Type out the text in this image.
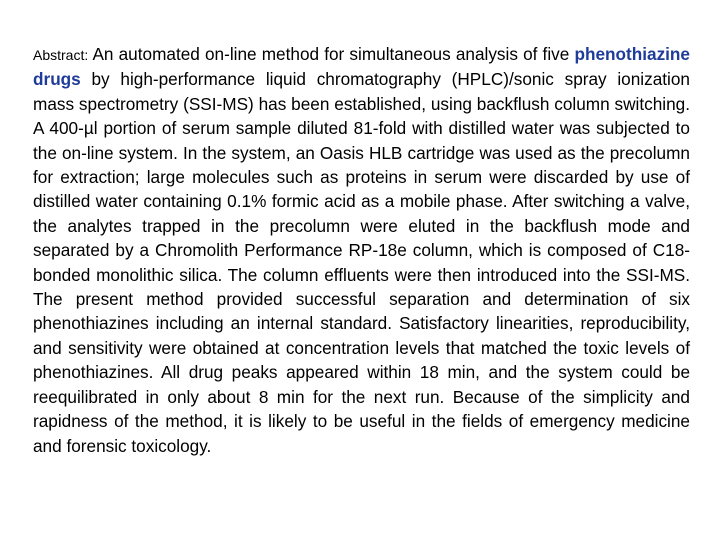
Abstract: An automated on-line method for simultaneous analysis of five phenothiazine drugs by high-performance liquid chromatography (HPLC)/sonic spray ionization mass spectrometry (SSI-MS) has been established, using backflush column switching. A 400-µl portion of serum sample diluted 81-fold with distilled water was subjected to the on-line system. In the system, an Oasis HLB cartridge was used as the precolumn for extraction; large molecules such as proteins in serum were discarded by use of distilled water containing 0.1% formic acid as a mobile phase. After switching a valve, the analytes trapped in the precolumn were eluted in the backflush mode and separated by a Chromolith Performance RP-18e column, which is composed of C18-bonded monolithic silica. The column effluents were then introduced into the SSI-MS. The present method provided successful separation and determination of six phenothiazines including an internal standard. Satisfactory linearities, reproducibility, and sensitivity were obtained at concentration levels that matched the toxic levels of phenothiazines. All drug peaks appeared within 18 min, and the system could be reequilibrated in only about 8 min for the next run. Because of the simplicity and rapidness of the method, it is likely to be useful in the fields of emergency medicine and forensic toxicology.
